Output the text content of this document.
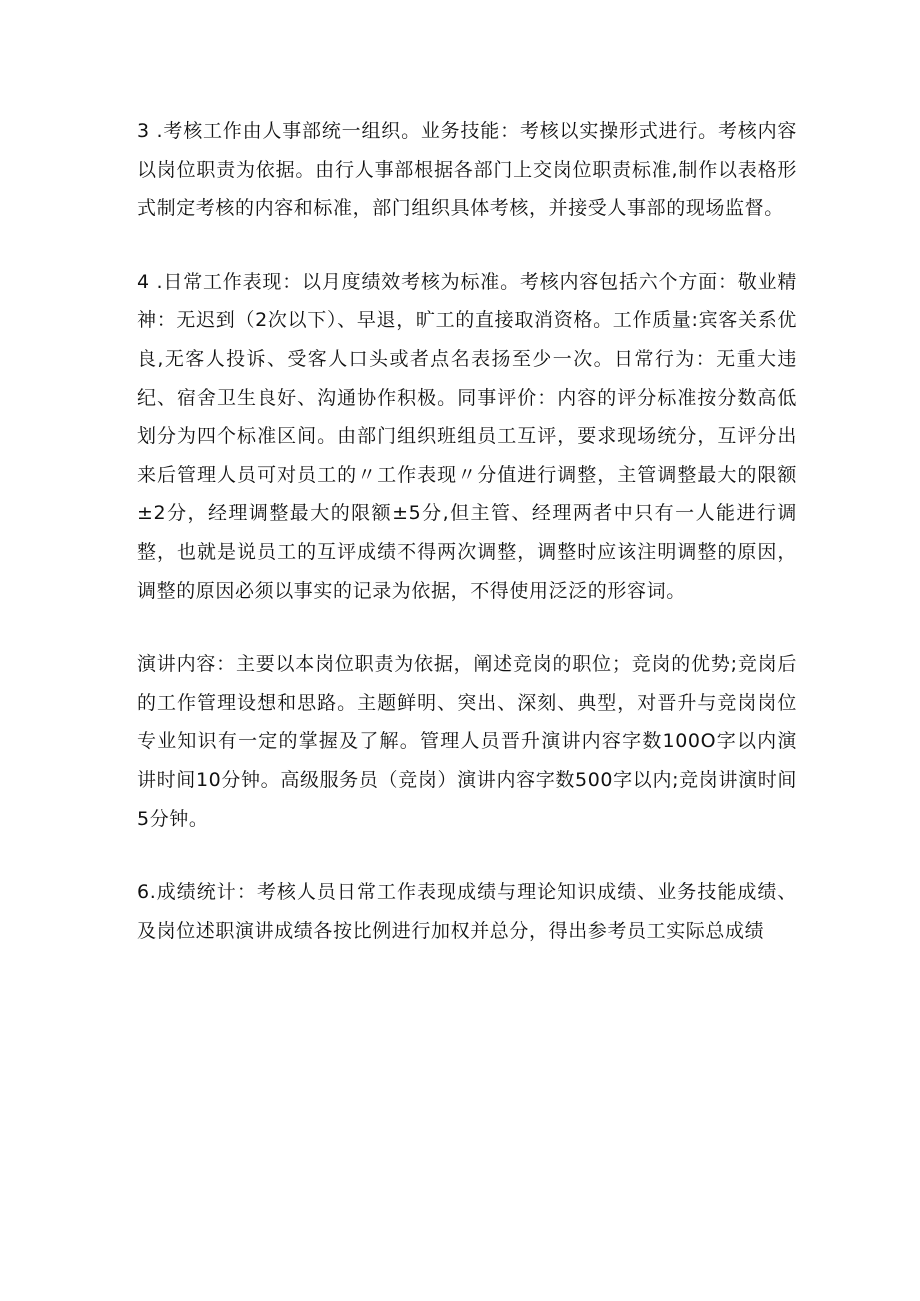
3 .考核工作由人事部统一组织。业务技能：考核以实操形式进行。考核内容以岗位职责为依据。由行人事部根据各部门上交岗位职责标准,制作以表格形式制定考核的内容和标准，部门组织具体考核，并接受人事部的现场监督。

4 .日常工作表现：以月度绩效考核为标准。考核内容包括六个方面：敬业精神：无迟到（2次以下）、早退，旷工的直接取消资格。工作质量:宾客关系优良,无客人投诉、受客人口头或者点名表扬至少一次。日常行为：无重大违纪、宿舍卫生良好、沟通协作积极。同事评价：内容的评分标准按分数高低划分为四个标准区间。由部门组织班组员工互评，要求现场统分，互评分出来后管理人员可对员工的〃工作表现〃分值进行调整，主管调整最大的限额±2分，经理调整最大的限额±5分,但主管、经理两者中只有一人能进行调整，也就是说员工的互评成绩不得两次调整，调整时应该注明调整的原因，调整的原因必须以事实的记录为依据，不得使用泛泛的形容词。

演讲内容：主要以本岗位职责为依据，阐述竞岗的职位；竞岗的优势;竞岗后的工作管理设想和思路。主题鲜明、突出、深刻、典型，对晋升与竞岗岗位专业知识有一定的掌握及了解。管理人员晋升演讲内容字数100O字以内演讲时间10分钟。高级服务员（竞岗）演讲内容字数500字以内;竞岗讲演时间5分钟。

6.成绩统计：考核人员日常工作表现成绩与理论知识成绩、业务技能成绩、及岗位述职演讲成绩各按比例进行加权并总分，得出参考员工实际总成绩
